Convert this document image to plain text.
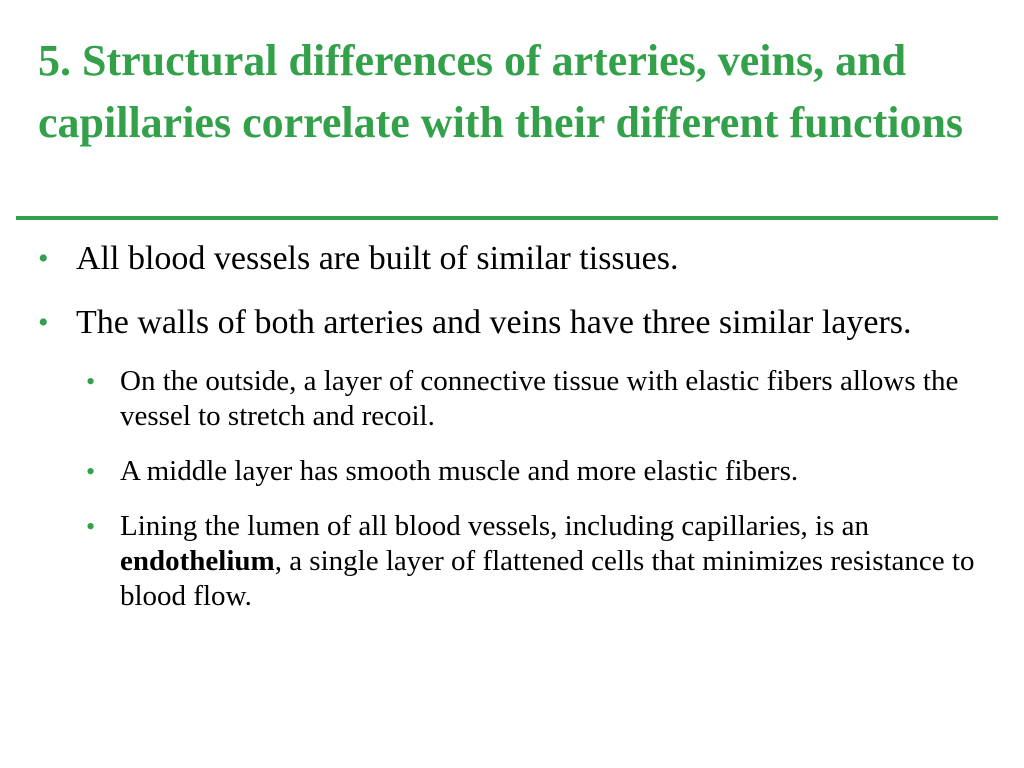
5. Structural differences of arteries, veins, and capillaries correlate with their different functions
• All blood vessels are built of similar tissues.
• The walls of both arteries and veins have three similar layers.
• On the outside, a layer of connective tissue with elastic fibers allows the vessel to stretch and recoil.
• A middle layer has smooth muscle and more elastic fibers.
• Lining the lumen of all blood vessels, including capillaries, is an endothelium, a single layer of flattened cells that minimizes resistance to blood flow.
